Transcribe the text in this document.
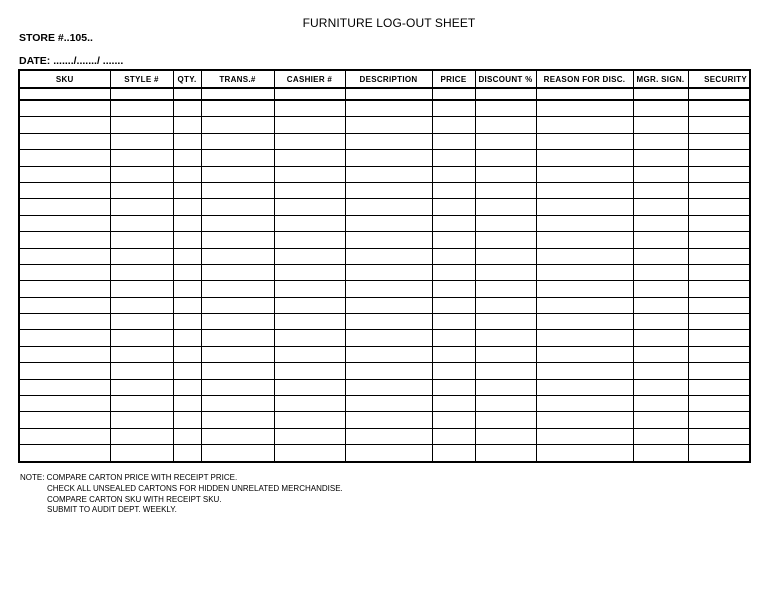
FURNITURE LOG-OUT SHEET
STORE #..105..
DATE: ......./......./ .......
SKU	STYLE #	QTY.	TRANS.#	CASHIER #	DESCRIPTION	PRICE	DISCOUNT %	REASON FOR DISC.	MGR. SIGN.	SECURITY

NOTE: COMPARE CARTON PRICE WITH RECEIPT PRICE.
CHECK ALL UNSEALED CARTONS FOR HIDDEN UNRELATED MERCHANDISE.
COMPARE CARTON SKU WITH RECEIPT SKU.
SUBMIT TO AUDIT DEPT. WEEKLY.
